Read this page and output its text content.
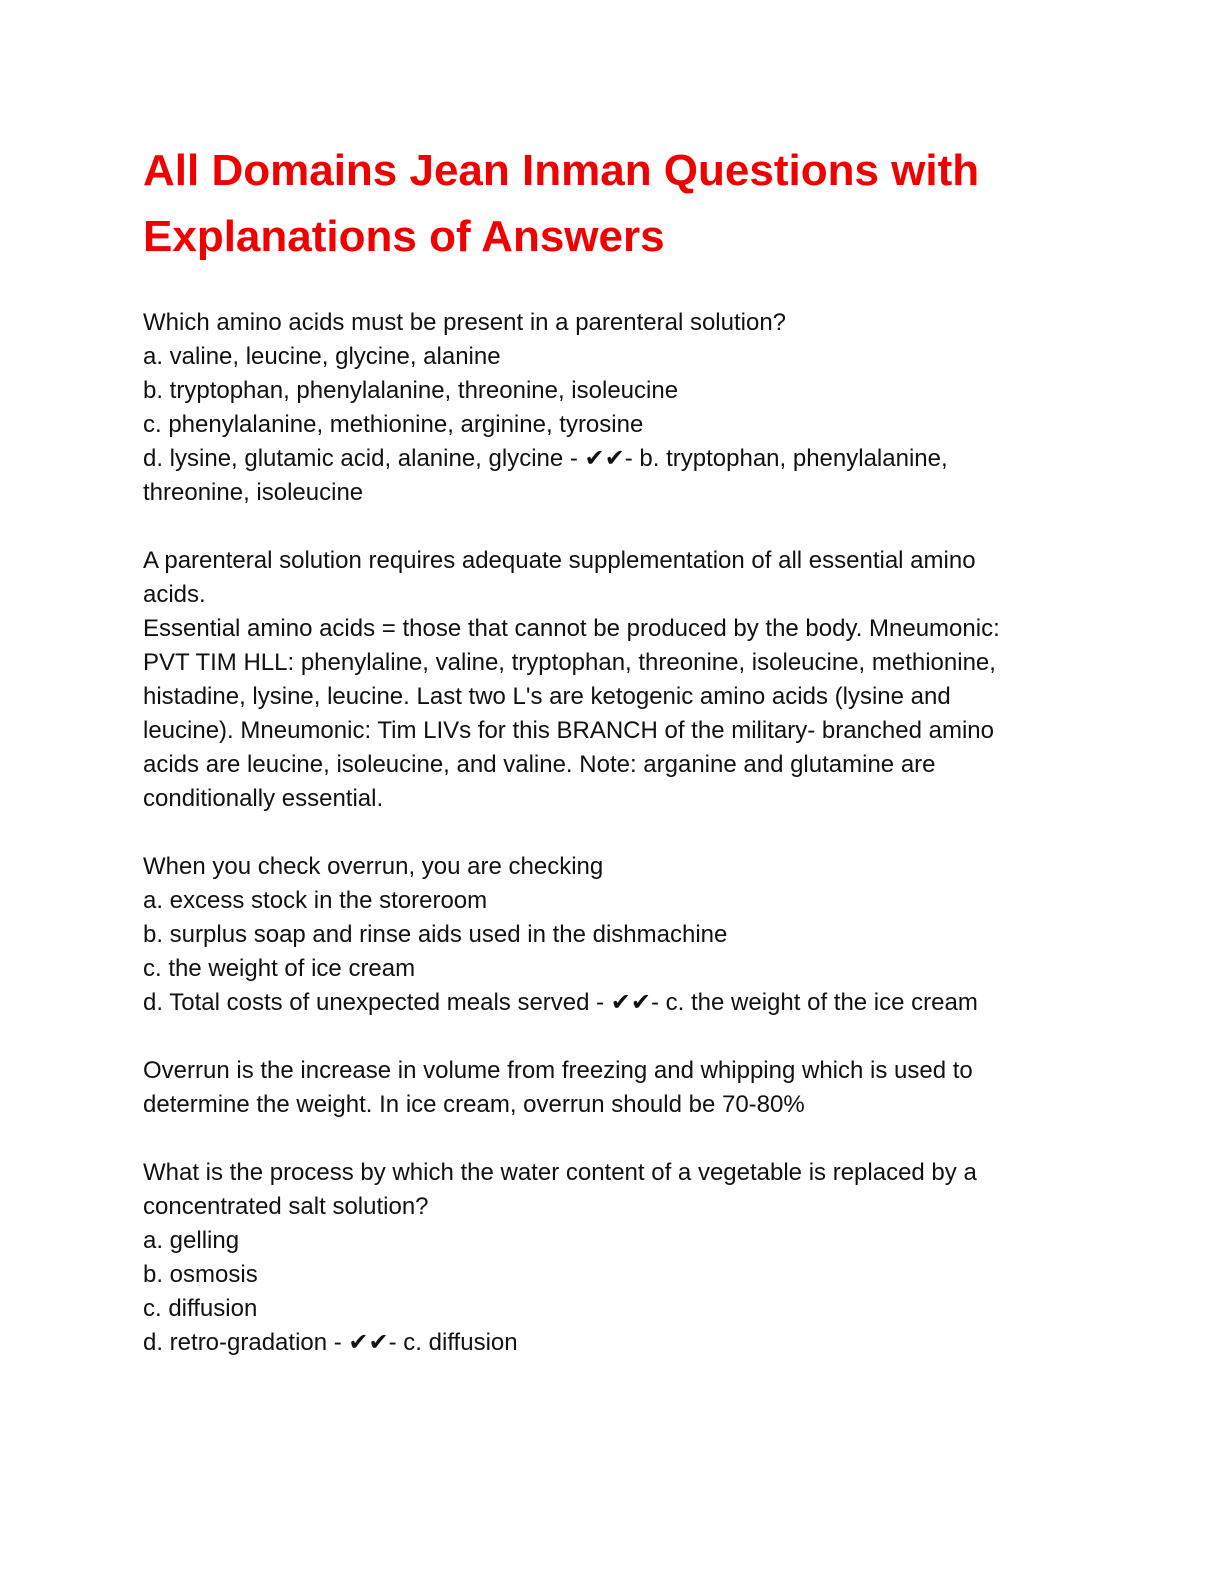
All Domains Jean Inman Questions with
Explanations of Answers
Which amino acids must be present in a parenteral solution?
a. valine, leucine, glycine, alanine
b. tryptophan, phenylalanine, threonine, isoleucine
c. phenylalanine, methionine, arginine, tyrosine
d. lysine, glutamic acid, alanine, glycine - ✔✔- b. tryptophan, phenylalanine,
threonine, isoleucine
A parenteral solution requires adequate supplementation of all essential amino
acids.
Essential amino acids = those that cannot be produced by the body. Mneumonic:
PVT TIM HLL: phenylaline, valine, tryptophan, threonine, isoleucine, methionine,
histadine, lysine, leucine. Last two L's are ketogenic amino acids (lysine and
leucine). Mneumonic: Tim LIVs for this BRANCH of the military- branched amino
acids are leucine, isoleucine, and valine. Note: arganine and glutamine are
conditionally essential.
When you check overrun, you are checking
a. excess stock in the storeroom
b. surplus soap and rinse aids used in the dishmachine
c. the weight of ice cream
d. Total costs of unexpected meals served - ✔✔- c. the weight of the ice cream
Overrun is the increase in volume from freezing and whipping which is used to
determine the weight. In ice cream, overrun should be 70-80%
What is the process by which the water content of a vegetable is replaced by a
concentrated salt solution?
a. gelling
b. osmosis
c. diffusion
d. retro-gradation - ✔✔- c. diffusion
